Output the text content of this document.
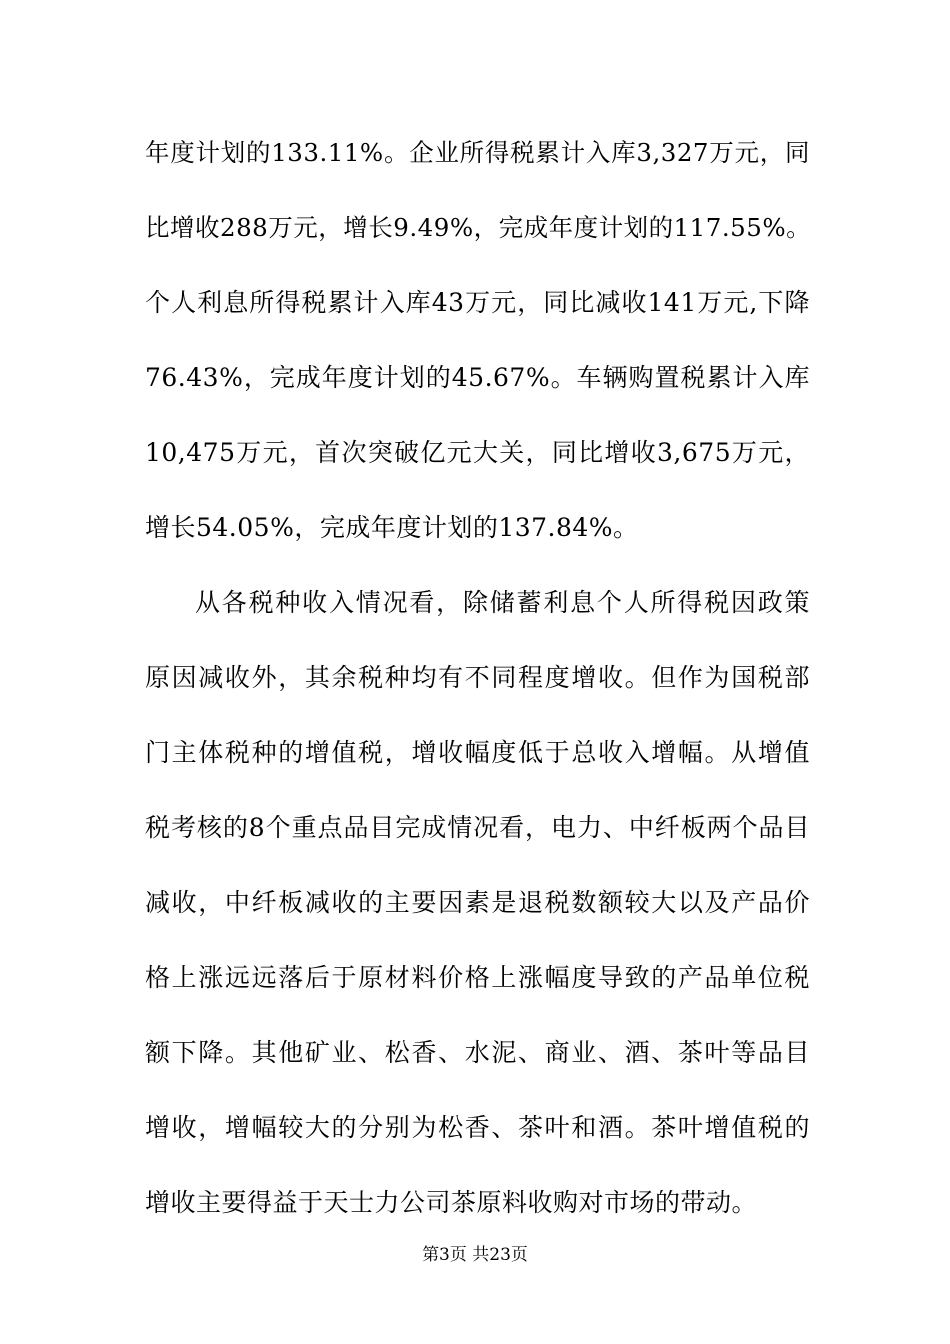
年度计划的133.11%。企业所得税累计入库3,327万元，同
比增收288万元，增长9.49%，完成年度计划的117.55%。
个人利息所得税累计入库43万元，同比减收141万元,下降
76.43%，完成年度计划的45.67%。车辆购置税累计入库
10,475万元，首次突破亿元大关，同比增收3,675万元，
增长54.05%，完成年度计划的137.84%。
从各税种收入情况看，除储蓄利息个人所得税因政策
原因减收外，其余税种均有不同程度增收。但作为国税部
门主体税种的增值税，增收幅度低于总收入增幅。从增值
税考核的8个重点品目完成情况看，电力、中纤板两个品目
减收，中纤板减收的主要因素是退税数额较大以及产品价
格上涨远远落后于原材料价格上涨幅度导致的产品单位税
额下降。其他矿业、松香、水泥、商业、酒、茶叶等品目
增收，增幅较大的分别为松香、茶叶和酒。茶叶增值税的
增收主要得益于天士力公司茶原料收购对市场的带动。
第3页 共23页
